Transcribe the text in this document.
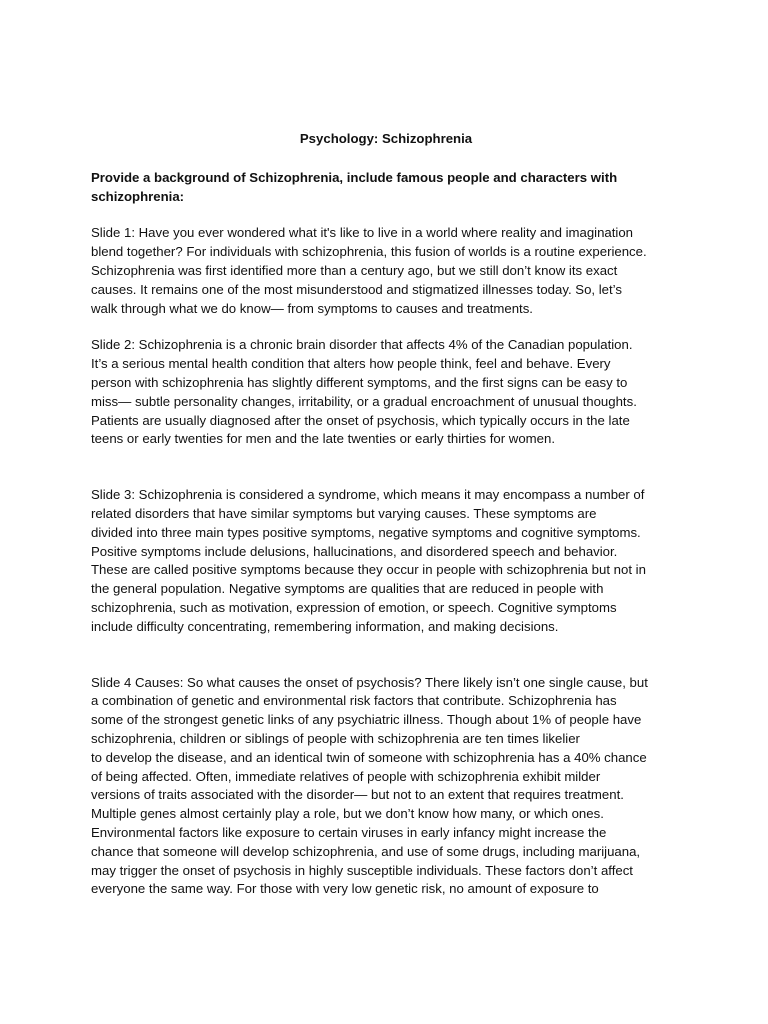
Psychology: Schizophrenia
Provide a background of Schizophrenia, include famous people and characters with
schizophrenia:
Slide 1: Have you ever wondered what it's like to live in a world where reality and imagination
blend together? For individuals with schizophrenia, this fusion of worlds is a routine experience.
Schizophrenia was first identified more than a century ago, but we still don’t know its exact
causes. It remains one of the most misunderstood and stigmatized illnesses today. So, let’s
walk through what we do know— from symptoms to causes and treatments.
Slide 2: Schizophrenia is a chronic brain disorder that affects 4% of the Canadian population.
It’s a serious mental health condition that alters how people think, feel and behave. Every
person with schizophrenia has slightly different symptoms, and the first signs can be easy to
miss— subtle personality changes, irritability, or a gradual encroachment of unusual thoughts.
Patients are usually diagnosed after the onset of psychosis, which typically occurs in the late
teens or early twenties for men and the late twenties or early thirties for women.
Slide 3: Schizophrenia is considered a syndrome, which means it may encompass a number of
related disorders that have similar symptoms but varying causes. These symptoms are
divided into three main types positive symptoms, negative symptoms and cognitive symptoms.
Positive symptoms include delusions, hallucinations, and disordered speech and behavior.
These are called positive symptoms because they occur in people with schizophrenia but not in
the general population. Negative symptoms are qualities that are reduced in people with
schizophrenia, such as motivation, expression of emotion, or speech. Cognitive symptoms
include difficulty concentrating, remembering information, and making decisions.
Slide 4 Causes: So what causes the onset of psychosis? There likely isn’t one single cause, but
a combination of genetic and environmental risk factors that contribute. Schizophrenia has
some of the strongest genetic links of any psychiatric illness. Though about 1% of people have
schizophrenia, children or siblings of people with schizophrenia are ten times likelier
to develop the disease, and an identical twin of someone with schizophrenia has a 40% chance
of being affected. Often, immediate relatives of people with schizophrenia exhibit milder
versions of traits associated with the disorder— but not to an extent that requires treatment.
Multiple genes almost certainly play a role, but we don’t know how many, or which ones.
Environmental factors like exposure to certain viruses in early infancy might increase the
chance that someone will develop schizophrenia, and use of some drugs, including marijuana,
may trigger the onset of psychosis in highly susceptible individuals. These factors don’t affect
everyone the same way. For those with very low genetic risk, no amount of exposure to
